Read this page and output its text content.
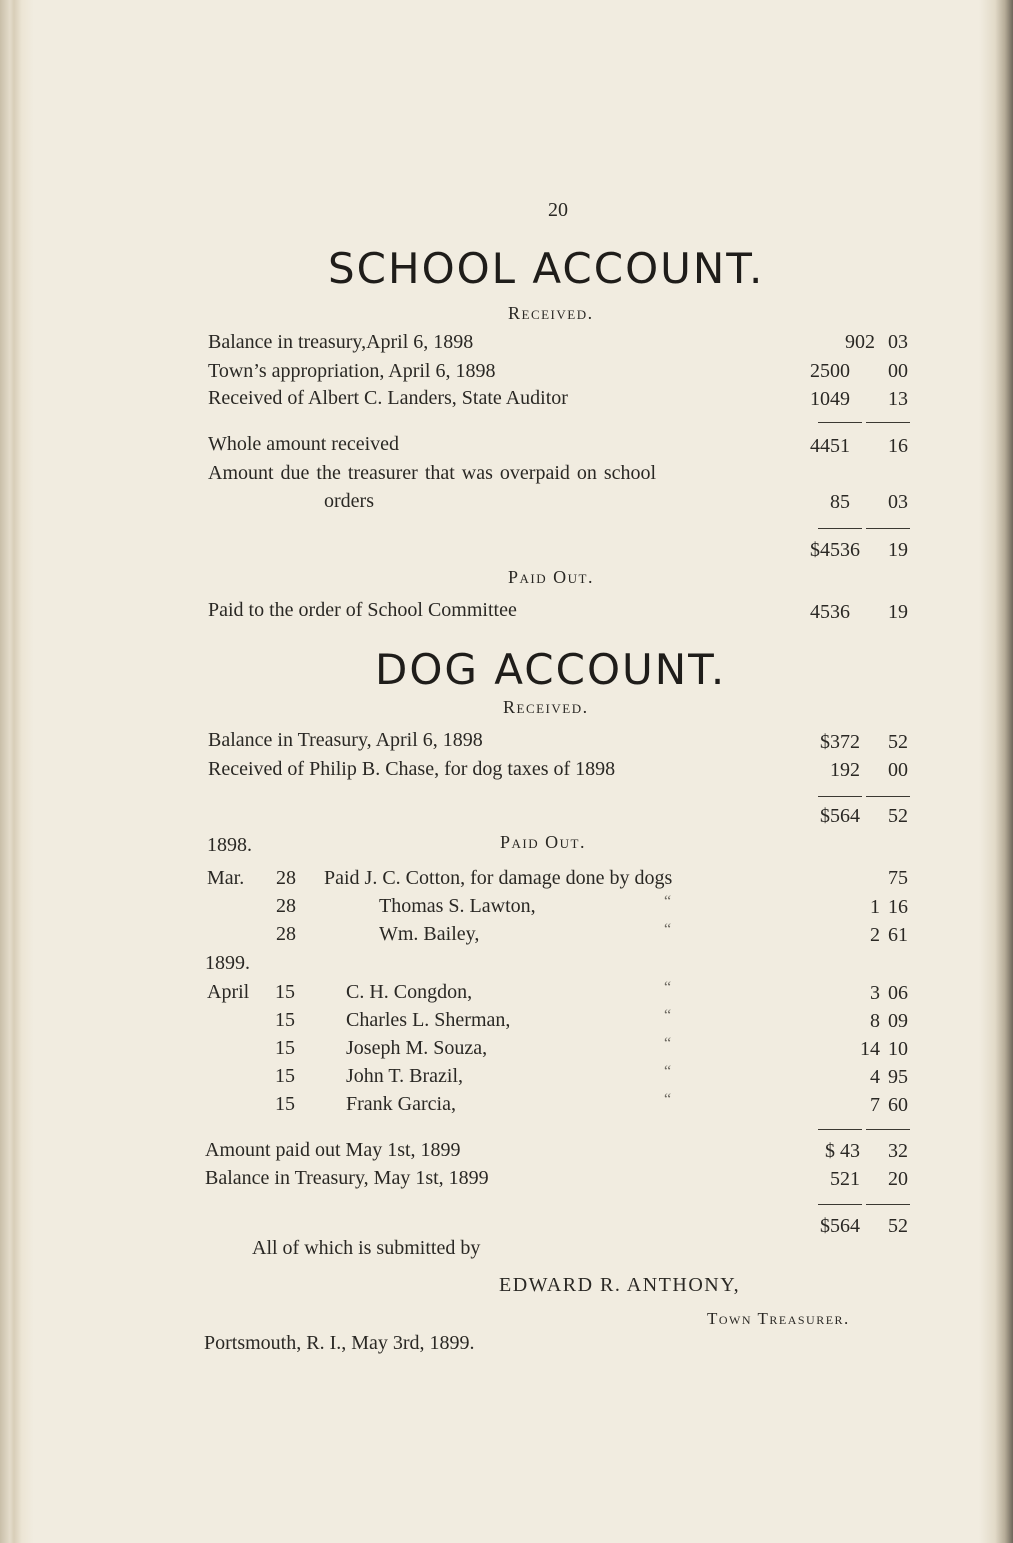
20
SCHOOL ACCOUNT.
Received.
Balance in treasury,April 6, 1898	902 03
Town’s appropriation, April 6, 1898	2500	00
Received of Albert C. Landers, State Auditor	1049	13
Whole amount received	4451	16
Amount due the treasurer that was overpaid on school
orders	85	03
$4536	19
Paid Out.
Paid to the order of School Committee	4536	19
DOG ACCOUNT.
Received.
Balance in Treasury, April 6, 1898	$372	52
Received of Philip B. Chase, for dog taxes of 1898	192	00
$564	52
1898.	Paid Out.
Mar. 28 Paid J. C. Cotton, for damage done by dogs	75
28	Thomas S. Lawton,	“	1 16
28	Wm. Bailey,	“	2 61
1899.
April 15	C. H. Congdon,	“	3 06
15	Charles L. Sherman,	“	8 09
15	Joseph M. Souza,	“	14 10
15	John T. Brazil,	“	4 95
15	Frank Garcia,	“	7 60
Amount paid out May 1st, 1899	$ 43	32
Balance in Treasury, May 1st, 1899	521	20
$564	52
All of which is submitted by
EDWARD R. ANTHONY,
Town Treasurer.
Portsmouth, R. I., May 3rd, 1899.
